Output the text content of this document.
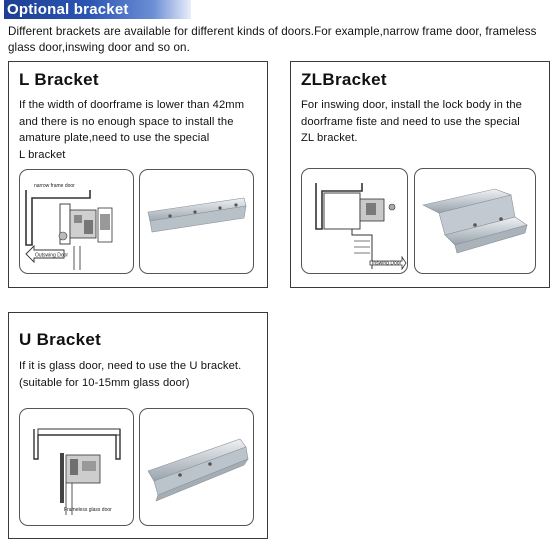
Optional bracket
Different brackets are available for different kinds of doors.For example,narrow frame door, frameless glass door,inswing door and so on.
L Bracket
If the width of doorframe is lower than 42mm
and there is no enough space to install the
amature plate,need to use the special
L bracket
narrow frame door
Outswing Door
ZLBracket
For inswing door, install the lock body in the
doorframe fiste and need to use the special
ZL bracket.
Inswing Door
U Bracket
If it is glass door, need to use the U bracket.
(suitable for 10-15mm glass door)
Frameless glass door
